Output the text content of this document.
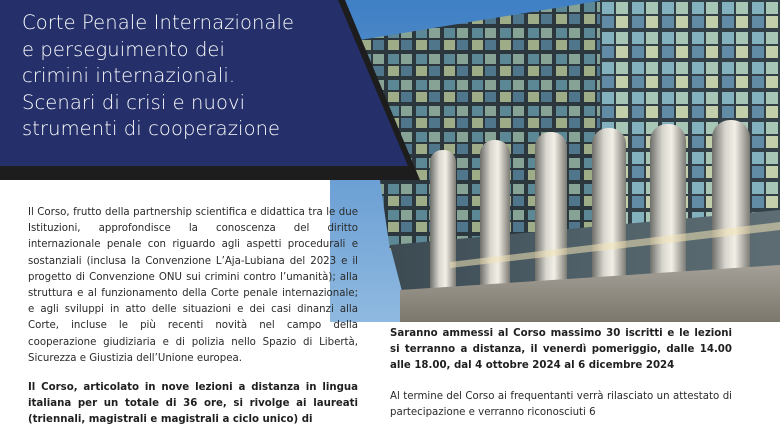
Corte Penale Internazionale
e perseguimento dei
crimini internazionali.
Scenari di crisi e nuovi
strumenti di cooperazione

Il Corso, frutto della partnership scientifica e didattica tra le due Istituzioni, approfondisce la conoscenza del diritto internazionale penale con riguardo agli aspetti procedurali e sostanziali (inclusa la Convenzione L’Aja-Lubiana del 2023 e il progetto di Convenzione ONU sui crimini contro l’umanità); alla struttura e al funzionamento della Corte penale internazionale; e agli sviluppi in atto delle situazioni e dei casi dinanzi alla Corte, incluse le più recenti novità nel campo della cooperazione giudiziaria e di polizia nello Spazio di Libertà, Sicurezza e Giustizia dell’Unione europea.

Il Corso, articolato in nove lezioni a distanza in lingua italiana per un totale di 36 ore, si rivolge ai laureati (triennali, magistrali e magistrali a ciclo unico) di

Saranno ammessi al Corso massimo 30 iscritti e le lezioni si terranno a distanza, il venerdì pomeriggio, dalle 14.00 alle 18.00, dal 4 ottobre 2024 al 6 dicembre 2024

Al termine del Corso ai frequentanti verrà rilasciato un attestato di partecipazione e verranno riconosciuti 6
